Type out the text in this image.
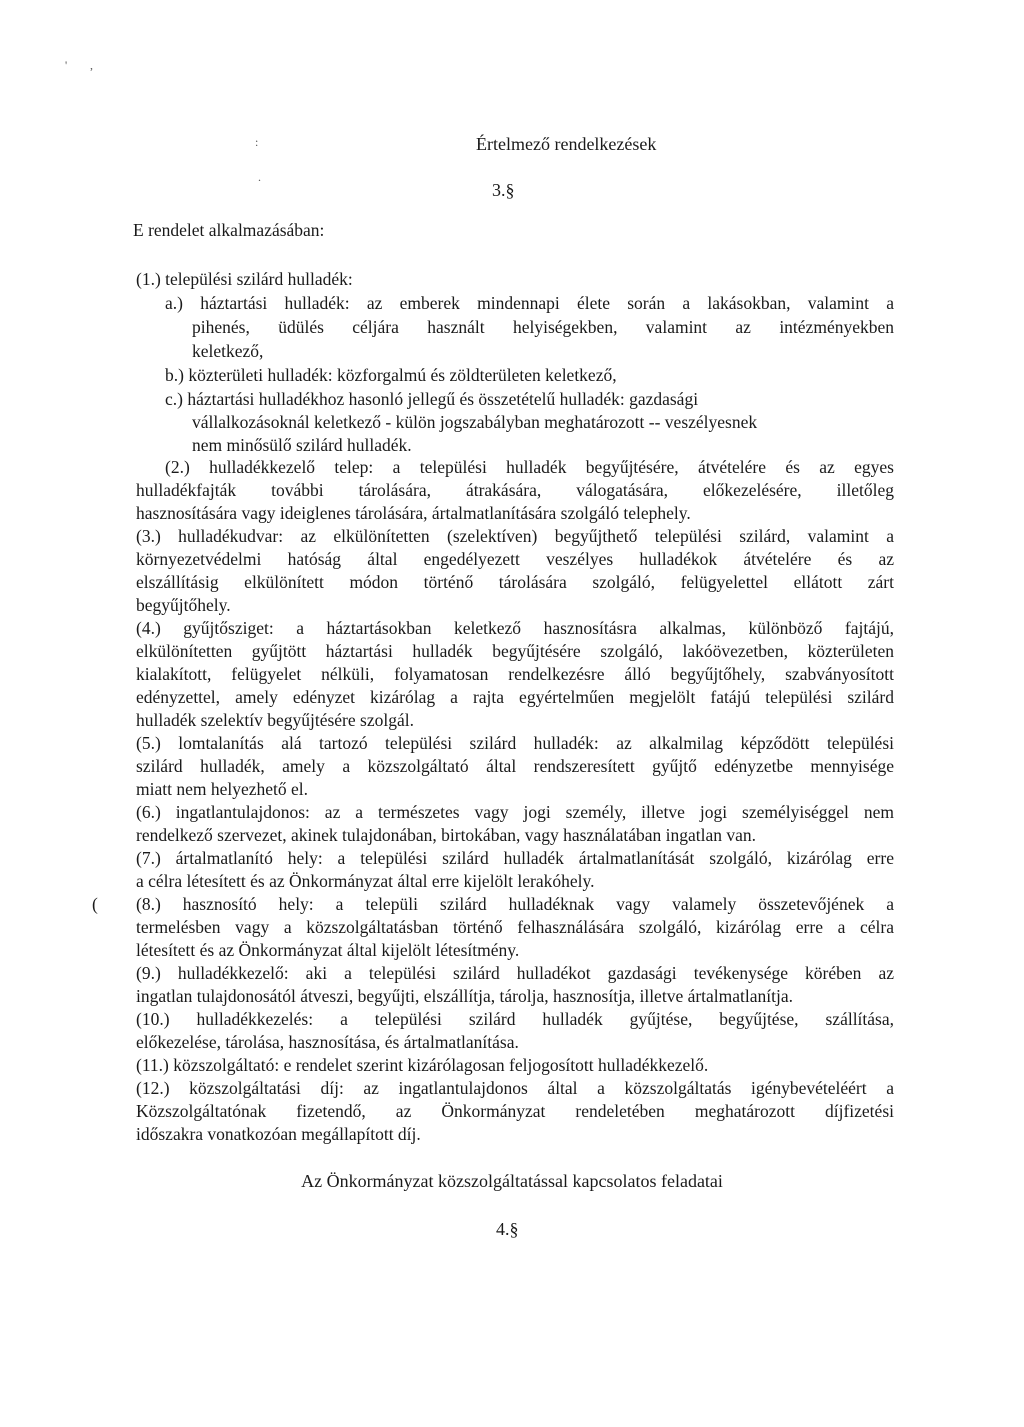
' ,
:
.
Értelmező rendelkezések
3.§
E rendelet alkalmazásában:
(1.) települési szilárd hulladék:
a.) háztartási hulladék: az emberek mindennapi élete során a lakásokban, valamint a
pihenés, üdülés céljára használt helyiségekben, valamint az intézményekben
keletkező,
b.) közterületi hulladék: közforgalmú és zöldterületen keletkező,
c.) háztartási hulladékhoz hasonló jellegű és összetételű hulladék: gazdasági
vállalkozásoknál keletkező - külön jogszabályban meghatározott -- veszélyesnek
nem minősülő szilárd hulladék.
(2.) hulladékkezelő telep: a települési hulladék begyűjtésére, átvételére és az egyes
hulladékfajták további tárolására, átrakására, válogatására, előkezelésére, illetőleg
hasznosítására vagy ideiglenes tárolására, ártalmatlanítására szolgáló telephely.
(3.) hulladékudvar: az elkülönítetten (szelektíven) begyűjthető települési szilárd, valamint a
környezetvédelmi hatóság által engedélyezett veszélyes hulladékok átvételére és az
elszállításig elkülönített módon történő tárolására szolgáló, felügyelettel ellátott zárt
begyűjtőhely.
(4.) gyűjtősziget: a háztartásokban keletkező hasznosításra alkalmas, különböző fajtájú,
elkülönítetten gyűjtött háztartási hulladék begyűjtésére szolgáló, lakóövezetben, közterületen
kialakított, felügyelet nélküli, folyamatosan rendelkezésre álló begyűjtőhely, szabványosított
edényzettel, amely edényzet kizárólag a rajta egyértelműen megjelölt fatájú települési szilárd
hulladék szelektív begyűjtésére szolgál.
(5.) lomtalanítás alá tartozó települési szilárd hulladék: az alkalmilag képződött települési
szilárd hulladék, amely a közszolgáltató által rendszeresített gyűjtő edényzetbe mennyisége
miatt nem helyezhető el.
(6.) ingatlantulajdonos: az a természetes vagy jogi személy, illetve jogi személyiséggel nem
rendelkező szervezet, akinek tulajdonában, birtokában, vagy használatában ingatlan van.
(7.) ártalmatlanító hely: a települési szilárd hulladék ártalmatlanítását szolgáló, kizárólag erre
a célra létesített és az Önkormányzat által erre kijelölt lerakóhely.
( (8.) hasznosító hely: a települi szilárd hulladéknak vagy valamely összetevőjének a
termelésben vagy a közszolgáltatásban történő felhasználására szolgáló, kizárólag erre a célra
létesített és az Önkormányzat által kijelölt létesítmény.
(9.) hulladékkezelő: aki a települési szilárd hulladékot gazdasági tevékenysége körében az
ingatlan tulajdonosától átveszi, begyűjti, elszállítja, tárolja, hasznosítja, illetve ártalmatlanítja.
(10.) hulladékkezelés: a települési szilárd hulladék gyűjtése, begyűjtése, szállítása,
előkezelése, tárolása, hasznosítása, és ártalmatlanítása.
(11.) közszolgáltató: e rendelet szerint kizárólagosan feljogosított hulladékkezelő.
(12.) közszolgáltatási díj: az ingatlantulajdonos által a közszolgáltatás igénybevételéért a
Közszolgáltatónak fizetendő, az Önkormányzat rendeletében meghatározott díjfizetési
időszakra vonatkozóan megállapított díj.
Az Önkormányzat közszolgáltatással kapcsolatos feladatai
4.§
